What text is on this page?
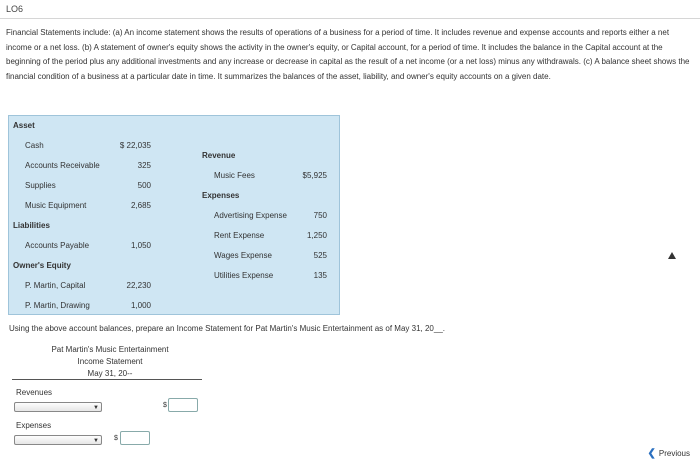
LO6
Financial Statements include: (a) An income statement shows the results of operations of a business for a period of time. It includes revenue and expense accounts and reports either a net income or a net loss. (b) A statement of owner's equity shows the activity in the owner's equity, or Capital account, for a period of time. It includes the balance in the Capital account at the beginning of the period plus any additional investments and any increase or decrease in capital as the result of a net income (or a net loss) minus any withdrawals. (c) A balance sheet shows the financial condition of a business at a particular date in time. It summarizes the balances of the asset, liability, and owner's equity accounts on a given date.
Asset
Cash	$ 22,035
Accounts Receivable	325
Supplies	500
Music Equipment	2,685
Liabilities
Accounts Payable	1,050
Owner's Equity
P. Martin, Capital	22,230
P. Martin, Drawing	1,000
Revenue
Music Fees	$5,925
Expenses
Advertising Expense	750
Rent Expense	1,250
Wages Expense	525
Utilities Expense	135
Using the above account balances, prepare an Income Statement for Pat Martin's Music Entertainment as of May 31, 20__.
Pat Martin's Music Entertainment
Income Statement
May 31, 20--
Revenues
▼	$
Expenses
▼ $
❮ Previous
